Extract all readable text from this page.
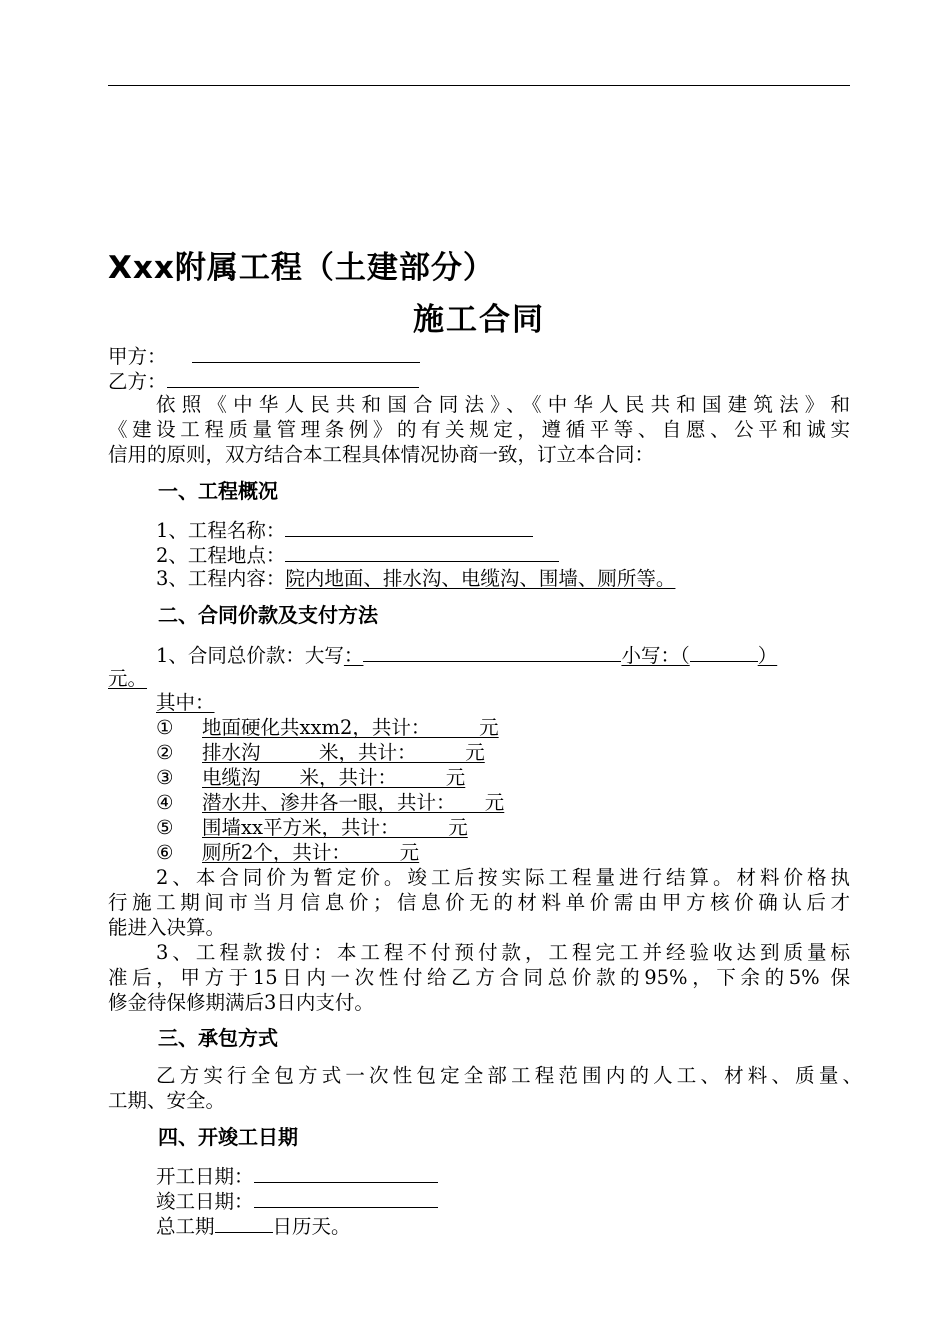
Xxx附属工程（土建部分）
施工合同
甲方：
乙方：
依照《中华人民共和国合同法》、《中华人民共和国建筑法》和
《建设工程质量管理条例》的有关规定，遵循平等、自愿、公平和诚实
信用的原则，双方结合本工程具体情况协商一致，订立本合同：
一、工程概况
1、工程名称：
2、工程地点：
3、工程内容：院内地面、排水沟、电缆沟、围墙、厕所等。
二、合同价款及支付方法
1、合同总价款：大写：	小写：（	）
元。
其中：
① 地面硬化共xxm2，共计：　　　元
② 排水沟　　　米，共计：　　　元
③ 电缆沟　　米，共计：　　　元
④ 潜水井、渗井各一眼，共计：　　元
⑤ 围墙xx平方米，共计：　　　元
⑥ 厕所2个，共计：　　　元
2、本合同价为暂定价。竣工后按实际工程量进行结算。材料价格执
行施工期间市当月信息价；信息价无的材料单价需由甲方核价确认后才
能进入决算。
3、工程款拨付：本工程不付预付款，工程完工并经验收达到质量标
准后，甲方于15日内一次性付给乙方合同总价款的95%，下余的5% 保
修金待保修期满后3日内支付。
三、承包方式
乙方实行全包方式一次性包定全部工程范围内的人工、材料、质量、
工期、安全。
四、开竣工日期
开工日期：
竣工日期：
总工期	日历天。
